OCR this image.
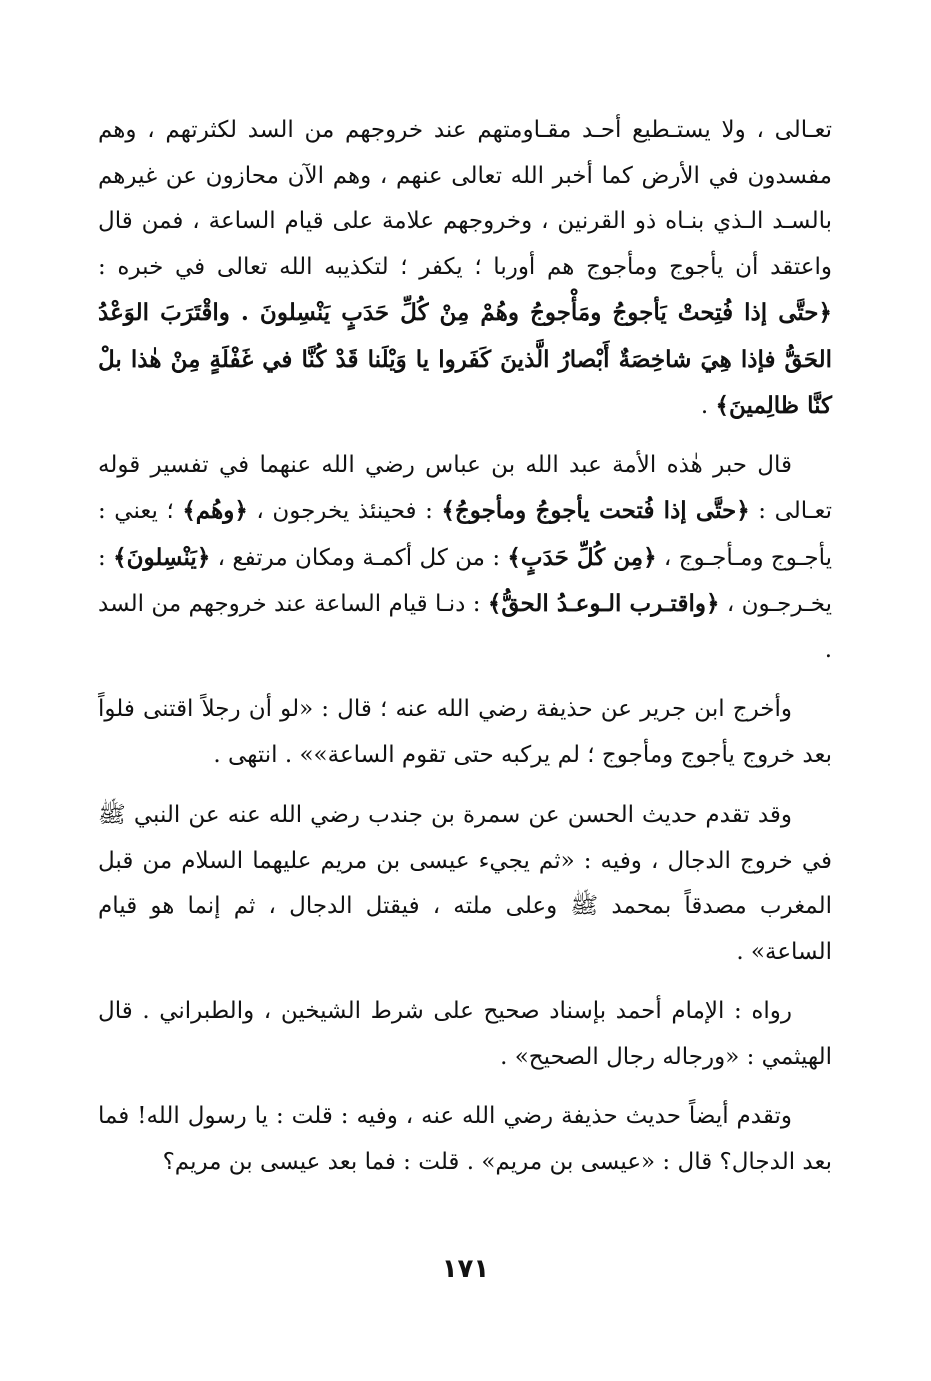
تعـالى ، ولا يستـطيع أحـد مقـاومتهم عند خروجهم من السد لكثرتهم ، وهم مفسدون في الأرض كما أخبر الله تعالى عنهم ، وهم الآن محازون عن غيرهم بالسـد الـذي بنـاه ذو القرنين ، وخروجهم علامة على قيام الساعة ، فمن قال واعتقد أن يأجوج ومأجوج هم أوربا ؛ يكفر ؛ لتكذيبه الله تعالى في خبره : ﴿حتَّى إذا فُتِحتْ يَأجوجُ ومَأْجوجُ وهُمْ مِنْ كُلِّ حَدَبٍ يَنْسِلونَ . واقْتَرَبَ الوَعْدُ الحَقُّ فإذا هِيَ شاخِصَةٌ أَبْصارُ الَّذينَ كَفَروا يا وَيْلَنا قَدْ كُنَّا في غَفْلَةٍ مِنْ هٰذا بلْ كنَّا ظالِمينَ﴾ .

قال حبر هٰذه الأمة عبد الله بن عباس رضي الله عنهما في تفسير قوله تعـالى : ﴿حتَّى إذا فُتحت يأجوجُ ومأجوجُ﴾ : فحينئذ يخرجون ، ﴿وهُم﴾ ؛ يعني : يأجـوج ومـأجـوج ، ﴿مِن كُلِّ حَدَبٍ﴾ : من كل أكمـة ومكان مرتفع ، ﴿يَنْسِلونَ﴾ : يخـرجـون ، ﴿واقتـرب الـوعـدُ الحقُّ﴾ : دنـا قيام الساعة عند خروجهم من السد .

وأخرج ابن جرير عن حذيفة رضي الله عنه ؛ قال : «لو أن رجلاً اقتنى فلواً بعد خروج يأجوج ومأجوج ؛ لم يركبه حتى تقوم الساعة»» . انتهى .

وقد تقدم حديث الحسن عن سمرة بن جندب رضي الله عنه عن النبي ﷺ في خروج الدجال ، وفيه : «ثم يجيء عيسى بن مريم عليهما السلام من قبل المغرب مصدقاً بمحمد ﷺ وعلى ملته ، فيقتل الدجال ، ثم إنما هو قيام الساعة» .

رواه : الإمام أحمد بإسناد صحيح على شرط الشيخين ، والطبراني . قال الهيثمي : «ورجاله رجال الصحيح» .

وتقدم أيضاً حديث حذيفة رضي الله عنه ، وفيه : قلت : يا رسول الله! فما بعد الدجال؟ قال : «عيسى بن مريم» . قلت : فما بعد عيسى بن مريم؟

١٧١
